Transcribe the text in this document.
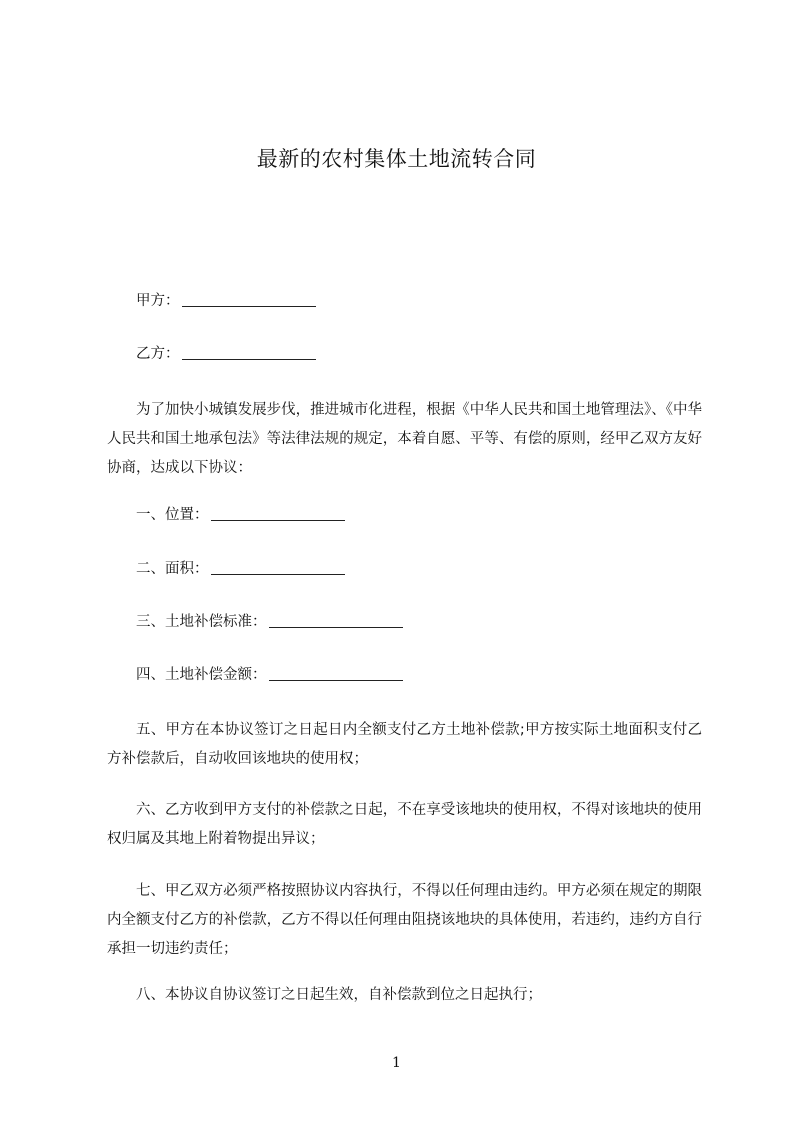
最新的农村集体土地流转合同
甲方：
乙方：
为了加快小城镇发展步伐，推进城市化进程，根据《中华人民共和国土地管理法》、《中华人民共和国土地承包法》等法律法规的规定，本着自愿、平等、有偿的原则，经甲乙双方友好协商，达成以下协议：
一、位置：
二、面积：
三、土地补偿标准：
四、土地补偿金额：
五、甲方在本协议签订之日起日内全额支付乙方土地补偿款;甲方按实际土地面积支付乙方补偿款后，自动收回该地块的使用权；
六、乙方收到甲方支付的补偿款之日起，不在享受该地块的使用权，不得对该地块的使用权归属及其地上附着物提出异议；
七、甲乙双方必须严格按照协议内容执行，不得以任何理由违约。甲方必须在规定的期限内全额支付乙方的补偿款，乙方不得以任何理由阻挠该地块的具体使用，若违约，违约方自行承担一切违约责任；
八、本协议自协议签订之日起生效，自补偿款到位之日起执行；
1
